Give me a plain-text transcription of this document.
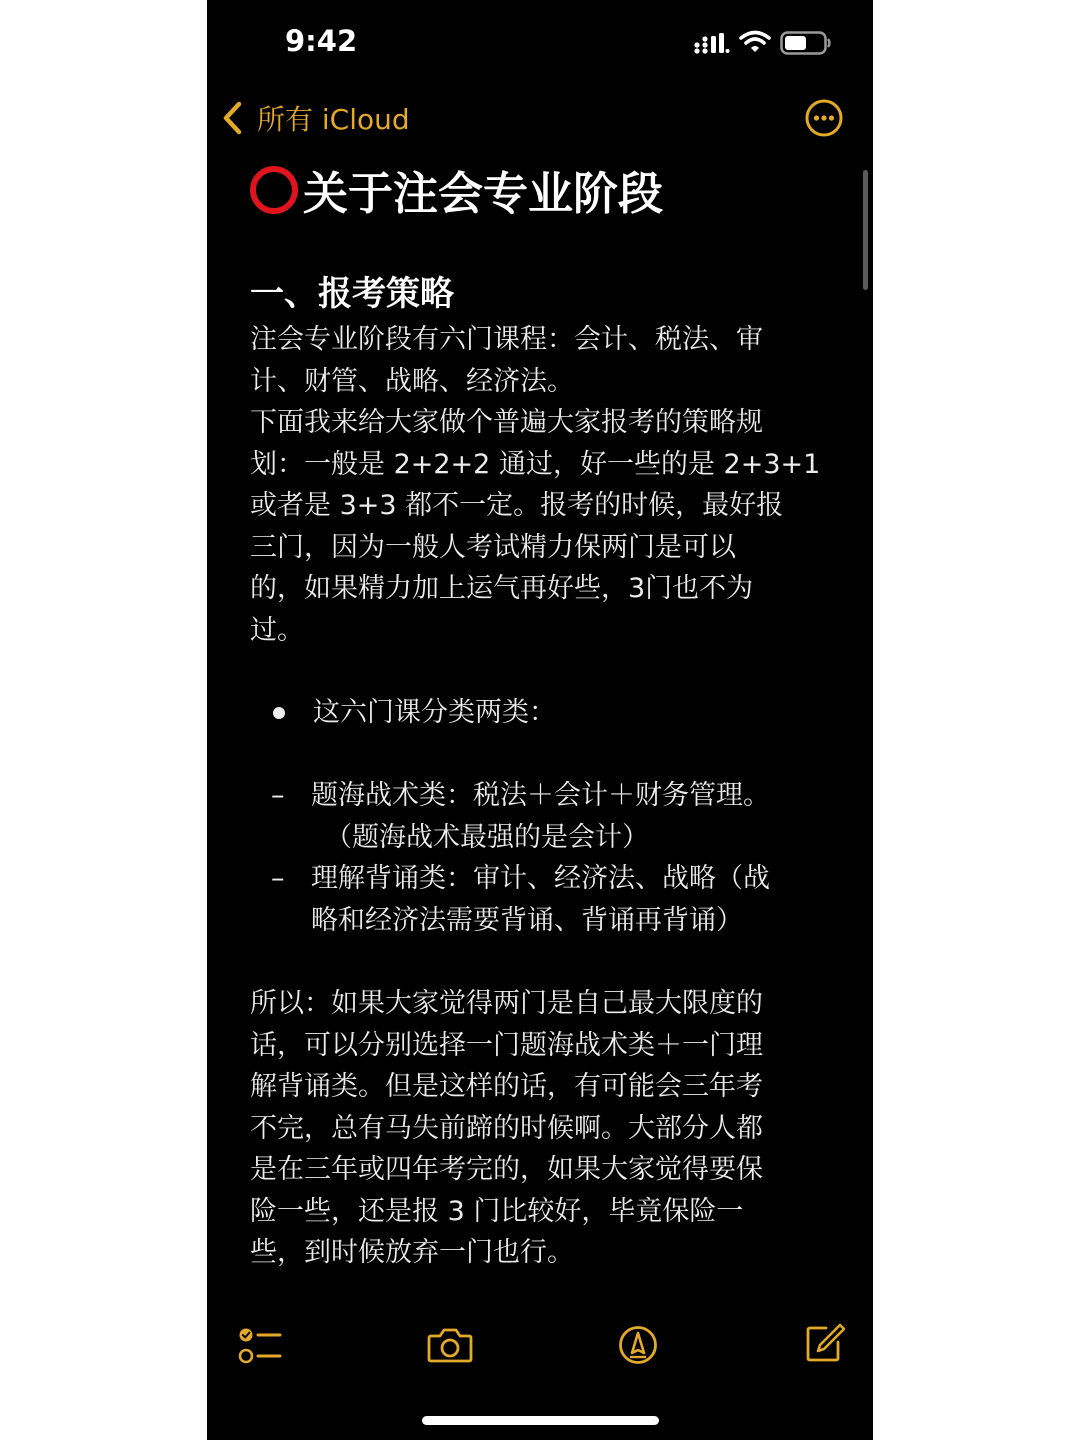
9:42
所有 iCloud
关于注会专业阶段
一、报考策略
注会专业阶段有六门课程：会计、税法、审
计、财管、战略、经济法。
下面我来给大家做个普遍大家报考的策略规
划：一般是 2+2+2 通过，好一些的是 2+3+1
或者是 3+3 都不一定。报考的时候，最好报
三门，因为一般人考试精力保两门是可以
的，如果精力加上运气再好些，3门也不为
过。
这六门课分类两类：
– 题海战术类：税法＋会计＋财务管理。
（题海战术最强的是会计）
– 理解背诵类：审计、经济法、战略（战
略和经济法需要背诵、背诵再背诵）
所以：如果大家觉得两门是自己最大限度的
话，可以分别选择一门题海战术类＋一门理
解背诵类。但是这样的话，有可能会三年考
不完，总有马失前蹄的时候啊。大部分人都
是在三年或四年考完的，如果大家觉得要保
险一些，还是报 3 门比较好，毕竟保险一
些，到时候放弃一门也行。
